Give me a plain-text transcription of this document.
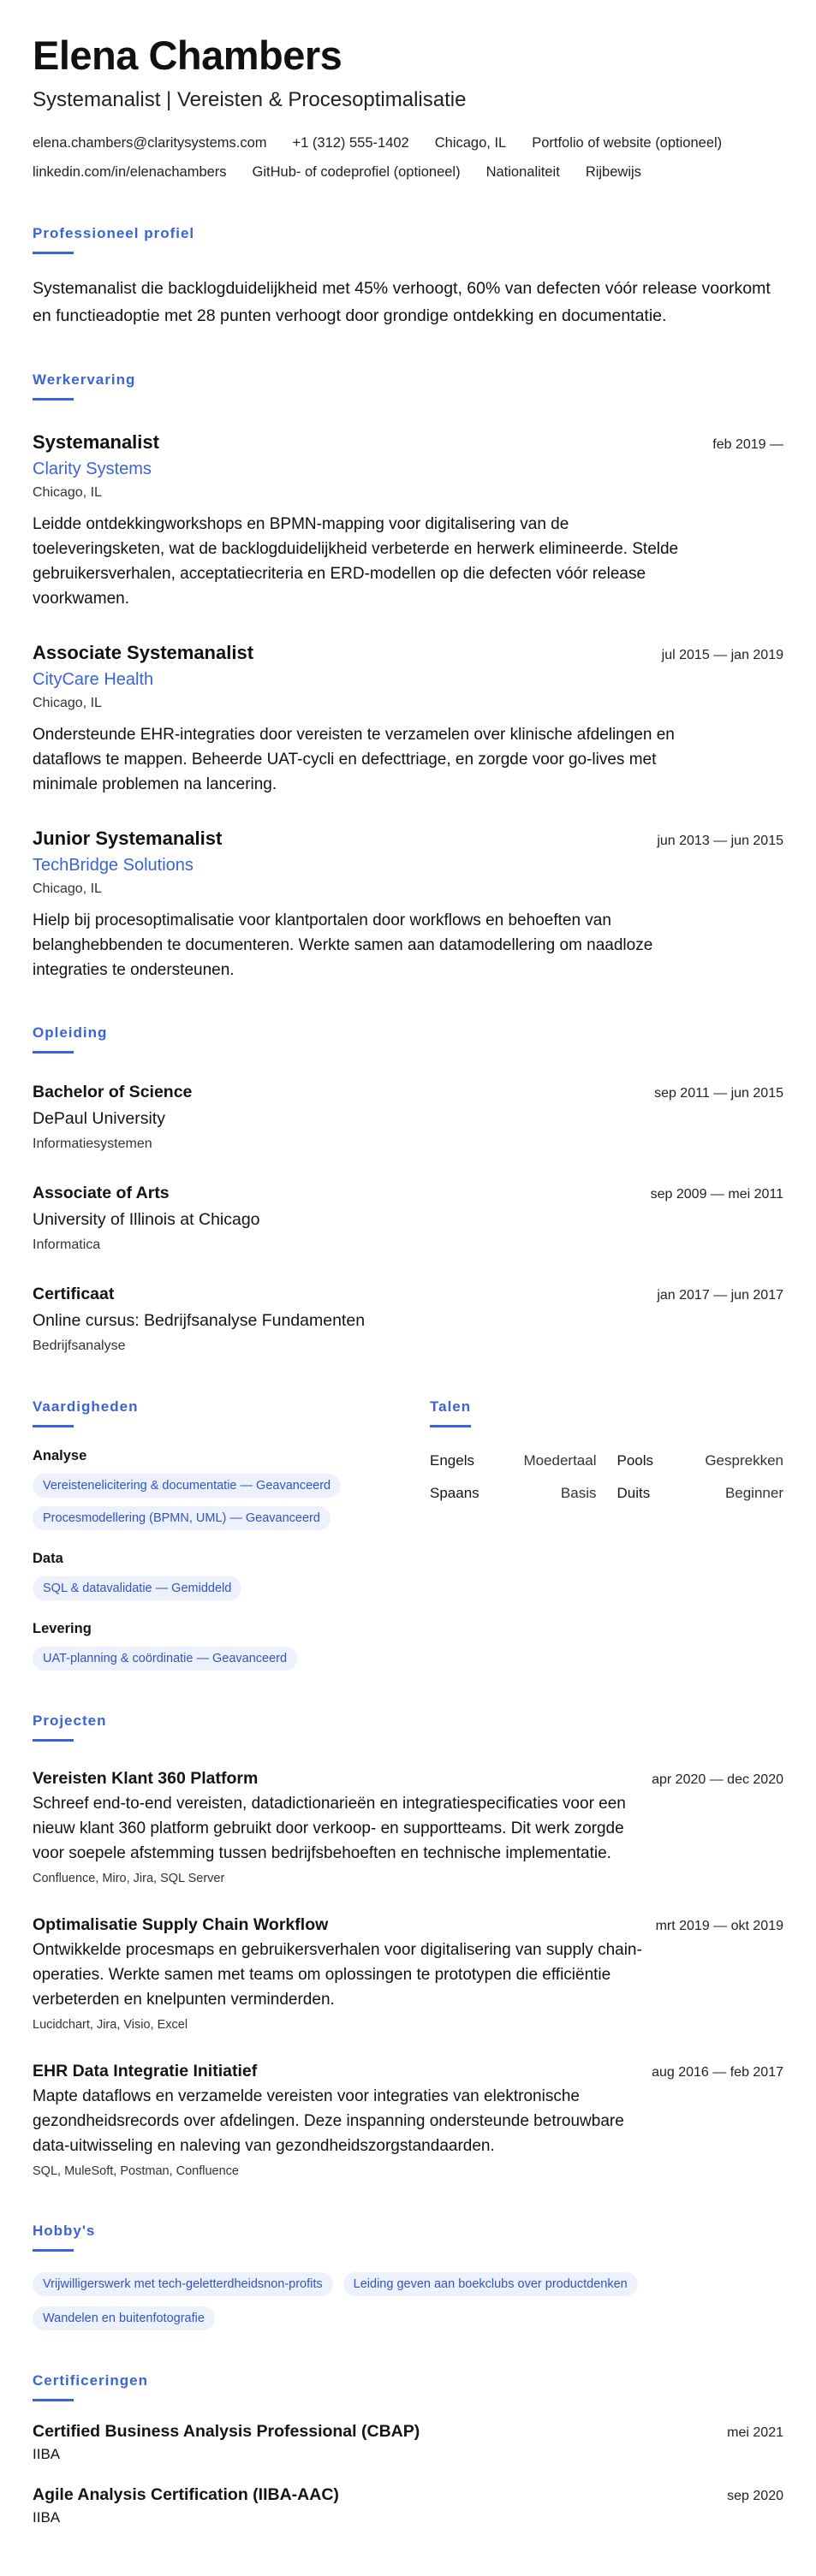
Elena Chambers
Systemanalist | Vereisten & Procesoptimalisatie
elena.chambers@claritysystems.com +1 (312) 555-1402 Chicago, IL Portfolio of website (optioneel)
linkedin.com/in/elenachambers GitHub- of codeprofiel (optioneel) Nationaliteit Rijbewijs
Professioneel profiel

Systemanalist die backlogduidelijkheid met 45% verhoogt, 60% van defecten vóór release voorkomt en functieadoptie met 28 punten verhoogt door grondige ontdekking en documentatie.

Werkervaring
Systemanalist	feb 2019 —
Clarity Systems
Chicago, IL

Leidde ontdekkingworkshops en BPMN-mapping voor digitalisering van de toeleveringsketen, wat de backlogduidelijkheid verbeterde en herwerk elimineerde. Stelde gebruikersverhalen, acceptatiecriteria en ERD-modellen op die defecten vóór release voorkwamen.

Associate Systemanalist	jul 2015 — jan 2019
CityCare Health
Chicago, IL

Ondersteunde EHR-integraties door vereisten te verzamelen over klinische afdelingen en dataflows te mappen. Beheerde UAT-cycli en defecttriage, en zorgde voor go-lives met minimale problemen na lancering.

Junior Systemanalist	jun 2013 — jun 2015
TechBridge Solutions
Chicago, IL

Hielp bij procesoptimalisatie voor klantportalen door workflows en behoeften van belanghebbenden te documenteren. Werkte samen aan datamodellering om naadloze integraties te ondersteunen.

Opleiding
Bachelor of Science	sep 2011 — jun 2015
DePaul University
Informatiesystemen
Associate of Arts	sep 2009 — mei 2011
University of Illinois at Chicago
Informatica
Certificaat	jan 2017 — jun 2017
Online cursus: Bedrijfsanalyse Fundamenten
Bedrijfsanalyse
Vaardigheden
Analyse
Vereistenelicitering & documentatie — Geavanceerd
Procesmodellering (BPMN, UML) — Geavanceerd
Data
SQL & datavalidatie — Gemiddeld
Levering
UAT-planning & coördinatie — Geavanceerd
Talen
Engels	Moedertaal Pools	Gesprekken
Spaans	Basis Duits	Beginner
Projecten
Vereisten Klant 360 Platform	apr 2020 — dec 2020

Schreef end-to-end vereisten, datadictionarieën en integratiespecificaties voor een nieuw klant 360 platform gebruikt door verkoop- en supportteams. Dit werk zorgde voor soepele afstemming tussen bedrijfsbehoeften en technische implementatie.

Confluence, Miro, Jira, SQL Server
Optimalisatie Supply Chain Workflow	mrt 2019 — okt 2019

Ontwikkelde procesmaps en gebruikersverhalen voor digitalisering van supply chain-operaties. Werkte samen met teams om oplossingen te prototypen die efficiëntie verbeterden en knelpunten verminderden.

Lucidchart, Jira, Visio, Excel
EHR Data Integratie Initiatief	aug 2016 — feb 2017

Mapte dataflows en verzamelde vereisten voor integraties van elektronische gezondheidsrecords over afdelingen. Deze inspanning ondersteunde betrouwbare data-uitwisseling en naleving van gezondheidszorgstandaarden.

SQL, MuleSoft, Postman, Confluence
Hobby's
Vrijwilligerswerk met tech-geletterdheidsnon-profits	Leiding geven aan boekclubs over productdenken
Wandelen en buitenfotografie
Certificeringen
Certified Business Analysis Professional (CBAP)	mei 2021
IIBA
Agile Analysis Certification (IIBA-AAC)	sep 2020
IIBA
